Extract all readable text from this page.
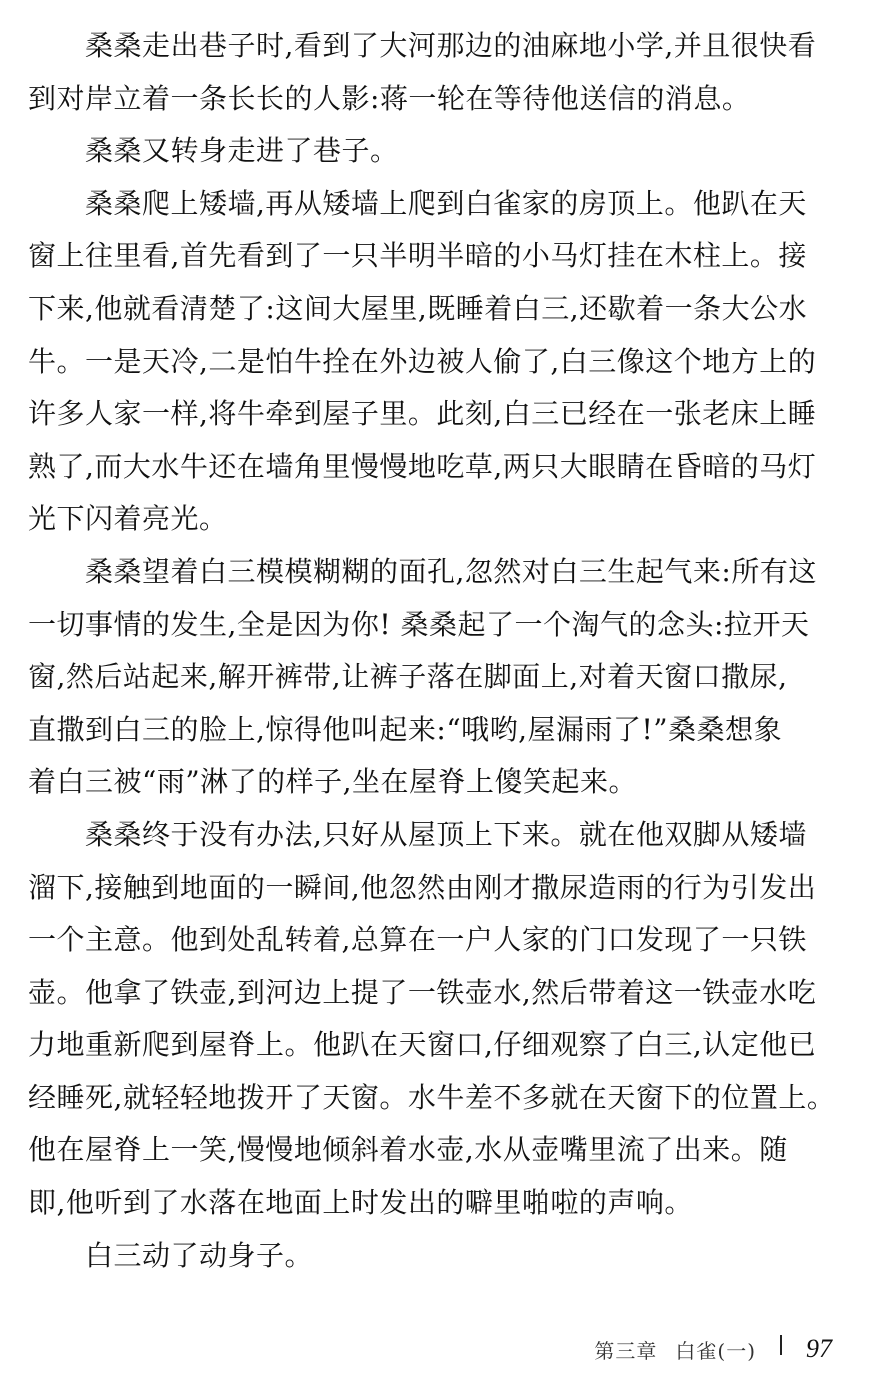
桑桑走出巷子时,看到了大河那边的油麻地小学,并且很快看
到对岸立着一条长长的人影:蒋一轮在等待他送信的消息。
桑桑又转身走进了巷子。
桑桑爬上矮墙,再从矮墙上爬到白雀家的房顶上。他趴在天
窗上往里看,首先看到了一只半明半暗的小马灯挂在木柱上。接
下来,他就看清楚了:这间大屋里,既睡着白三,还歇着一条大公水
牛。一是天冷,二是怕牛拴在外边被人偷了,白三像这个地方上的
许多人家一样,将牛牵到屋子里。此刻,白三已经在一张老床上睡
熟了,而大水牛还在墙角里慢慢地吃草,两只大眼睛在昏暗的马灯
光下闪着亮光。
桑桑望着白三模模糊糊的面孔,忽然对白三生起气来:所有这
一切事情的发生,全是因为你! 桑桑起了一个淘气的念头:拉开天
窗,然后站起来,解开裤带,让裤子落在脚面上,对着天窗口撒尿,
直撒到白三的脸上,惊得他叫起来:“哦哟,屋漏雨了!”桑桑想象
着白三被“雨”淋了的样子,坐在屋脊上傻笑起来。
桑桑终于没有办法,只好从屋顶上下来。就在他双脚从矮墙
溜下,接触到地面的一瞬间,他忽然由刚才撒尿造雨的行为引发出
一个主意。他到处乱转着,总算在一户人家的门口发现了一只铁
壶。他拿了铁壶,到河边上提了一铁壶水,然后带着这一铁壶水吃
力地重新爬到屋脊上。他趴在天窗口,仔细观察了白三,认定他已
经睡死,就轻轻地拨开了天窗。水牛差不多就在天窗下的位置上。
他在屋脊上一笑,慢慢地倾斜着水壶,水从壶嘴里流了出来。随
即,他听到了水落在地面上时发出的噼里啪啦的声响。
白三动了动身子。
第三章 白雀(一) 97
